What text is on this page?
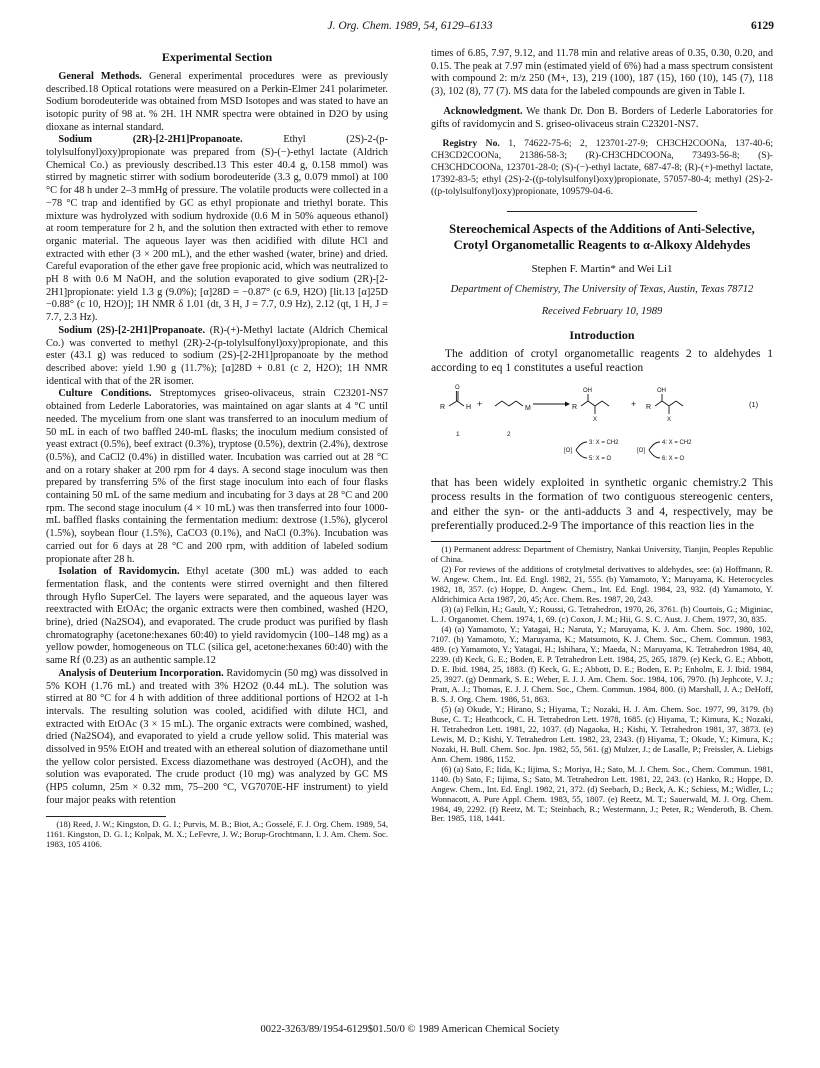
J. Org. Chem. 1989, 54, 6129–6133	6129
Experimental Section

General Methods. General experimental procedures were as previously described.18 Optical rotations were measured on a Perkin-Elmer 241 polarimeter. Sodium borodeuteride was obtained from MSD Isotopes and was stated to have an isotopic purity of 98 at. % 2H. 1H NMR spectra were obtained in D2O by using dioxane as internal standard.

Sodium (2R)-[2-2H1]Propanoate.	Ethyl (2S)-2-(p-tolylsulfonyl)oxy)propionate was prepared from (S)-(−)-ethyl lactate (Aldrich Chemical Co.) as previously described.13 This ester 40.4 g, 0.158 mmol) was stirred by magnetic stirrer with sodium borodeuteride (3.3 g, 0.079 mmol) at 100 °C for 48 h under 2–3 mmHg of pressure. The volatile products were collected in a −78 °C trap and identified by GC as ethyl propionate and triethyl borate. This mixture was hydrolyzed with sodium hydroxide (0.6 M in 50% aqueous ethanol) at room temperature for 2 h, and the solution then extracted with ether to remove organic material. The aqueous layer was then acidified with dilute HCl and extracted with ether (3 × 200 mL), and the ether washed (water, brine) and dried. Careful evaporation of the ether gave free propionic acid, which was neutralized to pH 8 with 0.6 M NaOH, and the solution evaporated to give sodium (2R)-[2-2H1]propionate: yield 1.3 g (9.0%); [α]28D = −0.87° (c 6.9, H2O) [lit.13 [α]25D −0.88° (c 10, H2O)]; 1H NMR δ 1.01 (dt, 3 H, J = 7.7, 0.9 Hz), 2.12 (qt, 1 H, J = 7.7, 2.3 Hz).

Sodium (2S)-[2-2H1]Propanoate. (R)-(+)-Methyl lactate (Aldrich Chemical Co.) was converted to methyl (2R)-2-(p-tolylsulfonyl)oxy)propionate, and this ester (43.1 g) was reduced to sodium (2S)-[2-2H1]propanoate by the method described above: yield 1.90 g (11.7%); [α]28D + 0.81 (c 2, H2O); 1H NMR identical with that of the 2R isomer.

Culture Conditions. Streptomyces griseo-olivaceus, strain C23201-NS7 obtained from Lederle Laboratories, was maintained on agar slants at 4 °C until needed. The mycelium from one slant was transferred to an inoculum medium of 50 mL in each of two baffled 240-mL flasks; the inoculum medium consisted of yeast extract (0.5%), beef extract (0.3%), tryptose (0.5%), dextrin (2.4%), dextrose (0.5%), and CaCl2 (0.4%) in distilled water. Incubation was carried out at 28 °C and on a rotary shaker at 200 rpm for 4 days. A second stage inoculum was then prepared by transferring 5% of the first stage inoculum into each of four flasks containing 50 mL of the same medium and incubating for 3 days at 28 °C and 200 rpm. The second stage inoculum (4 × 10 mL) was then transferred into four 1000-mL baffled flasks containing the fermentation medium: dextrose (1.5%), glycerol (1.5%), soybean flour (1.5%), CaCO3 (0.1%), and NaCl (0.3%). Incubation was carried out for 6 days at 28 °C and 200 rpm, with addition of labeled sodium propionate after 28 h.

Isolation of Ravidomycin. Ethyl acetate (300 mL) was added to each fermentation flask, and the contents were stirred overnight and then filtered through Hyflo SuperCel. The layers were separated, and the aqueous layer was reextracted with EtOAc; the organic extracts were then combined, washed (H2O, brine), dried (Na2SO4), and evaporated. The crude product was purified by flash chromatography (acetone:hexanes 60:40) to yield ravidomycin (100–148 mg) as a yellow powder, homogeneous on TLC (silica gel, acetone:hexanes 60:40) with the same Rf (0.23) as an authentic sample.12

Analysis of Deuterium Incorporation. Ravidomycin (50 mg) was dissolved in 5% KOH (1.76 mL) and treated with 3% H2O2 (0.44 mL). The solution was stirred at 80 °C for 4 h with addition of three additional portions of H2O2 at 1-h intervals. The resulting solution was cooled, acidified with dilute HCl, and extracted with EtOAc (3 × 15 mL). The organic extracts were combined, washed, dried (Na2SO4), and evaporated to yield a crude yellow solid. This material was dissolved in 95% EtOH and treated with an ethereal solution of diazomethane until the yellow color persisted. Excess diazomethane was destroyed (AcOH), and the solution was evaporated. The crude product (10 mg) was analyzed by GC MS (HP5 column, 25m × 0.32 mm, 75–200 °C, VG7070E-HF instrument) to yield four major peaks with retention

(18) Reed, J. W.; Kingston, D. G. I.; Purvis, M. B.; Biot, A.; Gosselé, F. J. Org. Chem. 1989, 54, 1161. Kingston, D. G. I.; Kolpak, M. X.; LeFevre, J. W.; Borup-Grochtmann, I. J. Am. Chem. Soc. 1983, 105 4106.

times of 6.85, 7.97, 9.12, and 11.78 min and relative areas of 0.35, 0.30, 0.20, and 0.15. The peak at 7.97 min (estimated yield of 6%) had a mass spectrum consistent with compound 2: m/z 250 (M+, 13), 219 (100), 187 (15), 160 (10), 145 (7), 118 (3), 102 (8), 77 (7). MS data for the labeled compounds are given in Table I.

Acknowledgment. We thank Dr. Don B. Borders of Lederle Laboratories for gifts of ravidomycin and S. griseo-olivaceus strain C23201-NS7.

Registry No. 1, 74622-75-6; 2, 123701-27-9; CH3CH2COONa, 137-40-6; CH3CD2COONa, 21386-58-3; (R)-CH3CHDCOONa, 73493-56-8; (S)-CH3CHDCOONa, 123701-28-0; (S)-(−)-ethyl lactate, 687-47-8; (R)-(+)-methyl lactate, 17392-83-5; ethyl (2S)-2-((p-tolylsulfonyl)oxy)propionate, 57057-80-4; methyl (2S)-2-((p-tolylsulfonyl)oxy)propionate, 109579-04-6.

Stereochemical Aspects of the Additions of Anti-Selective, Crotyl Organometallic Reagents to α-Alkoxy Aldehydes
Stephen F. Martin* and Wei Li1
Department of Chemistry, The University of Texas, Austin, Texas 78712
Received February 10, 1989
Introduction

The addition of crotyl organometallic reagents 2 to aldehydes 1 according to eq 1 constitutes a useful reaction

R	H
O
+	M	R
OH
X
+ R
OH
X
(1)
1	2
[O]
3: X = CH2
5: X = O
[O]
4: X = CH2
6: X = O

that has been widely exploited in synthetic organic chemistry.2 This process results in the formation of two contiguous stereogenic centers, and either the syn- or the anti-adducts 3 and 4, respectively, may be preferentially produced.2-9 The importance of this reaction lies in the

(1) Permanent address: Department of Chemistry, Nankai University, Tianjin, Peoples Republic of China.

(2) For reviews of the additions of crotylmetal derivatives to aldehydes, see: (a) Hoffmann, R. W. Angew. Chem., Int. Ed. Engl. 1982, 21, 555. (b) Yamamoto, Y.; Maruyama, K. Heterocycles 1982, 18, 357. (c) Hoppe, D. Angew. Chem., Int. Ed. Engl. 1984, 23, 932. (d) Yamamoto, Y. Aldrichimica Acta 1987, 20, 45; Acc. Chem. Res. 1987, 20, 243.

(3) (a) Felkin, H.; Gault, Y.; Roussi, G. Tetrahedron, 1970, 26, 3761. (b) Courtois, G.; Miginiac, L. J. Organomet. Chem. 1974, 1, 69. (c) Coxon, J. M.; Hii, G. S. C. Aust. J. Chem. 1977, 30, 835.

(4) (a) Yamamoto, Y.; Yatagai, H.; Naruta, Y.; Maruyama, K. J. Am. Chem. Soc. 1980, 102, 7107. (b) Yamamoto, Y.; Maruyama, K.; Matsumoto, K. J. Chem. Soc., Chem. Commun. 1983, 489. (c) Yamamoto, Y.; Yatagai, H.; Ishihara, Y.; Maeda, N.; Maruyama, K. Tetrahedron 1984, 40, 2239. (d) Keck, G. E.; Boden, E. P. Tetrahedron Lett. 1984, 25, 265, 1879. (e) Keck, G. E.; Abbott, D. E. Ibid. 1984, 25, 1883. (f) Keck, G. E.; Abbott, D. E.; Boden, E. P.; Enholm, E. J. Ibid. 1984, 25, 3927. (g) Denmark, S. E.; Weber, E. J. J. Am. Chem. Soc. 1984, 106, 7970. (h) Jephcote, V. J.; Pratt, A. J.; Thomas, E. J. J. Chem. Soc., Chem. Commun. 1984, 800. (i) Marshall, J. A.; DeHoff, B. S. J. Org. Chem. 1986, 51, 863.

(5) (a) Okude, Y.; Hirano, S.; Hiyama, T.; Nozaki, H. J. Am. Chem. Soc. 1977, 99, 3179. (b) Buse, C. T.; Heathcock, C. H. Tetrahedron Lett. 1978, 1685. (c) Hiyama, T.; Kimura, K.; Nozaki, H. Tetrahedron Lett. 1981, 22, 1037. (d) Nagaoka, H.; Kishi, Y. Tetrahedron 1981, 37, 3873. (e) Lewis, M. D.; Kishi, Y. Tetrahedron Lett. 1982, 23, 2343. (f) Hiyama, T.; Okude, Y.; Kimura, K.; Nozaki, H. Bull. Chem. Soc. Jpn. 1982, 55, 561. (g) Mulzer, J.; de Lasalle, P.; Freissler, A. Liebigs Ann. Chem. 1986, 1152.

(6) (a) Sato, F.; Iida, K.; Iijima, S.; Moriya, H.; Sato, M. J. Chem. Soc., Chem. Commun. 1981, 1140. (b) Sato, F.; Iijima, S.; Sato, M. Tetrahedron Lett. 1981, 22, 243. (c) Hanko, R.; Hoppe, D. Angew. Chem., Int. Ed. Engl. 1982, 21, 372. (d) Seebach, D.; Beck, A. K.; Schiess, M.; Widler, L.; Wonnacott, A. Pure Appl. Chem. 1983, 55, 1807. (e) Reetz, M. T.; Sauerwald, M. J. Org. Chem. 1984, 49, 2292. (f) Reetz, M. T.; Steinbach, R.; Westermann, J.; Peter, R.; Wenderoth, B. Chem. Ber. 1985, 118, 1441.

0022-3263/89/1954-6129$01.50/0 © 1989 American Chemical Society
